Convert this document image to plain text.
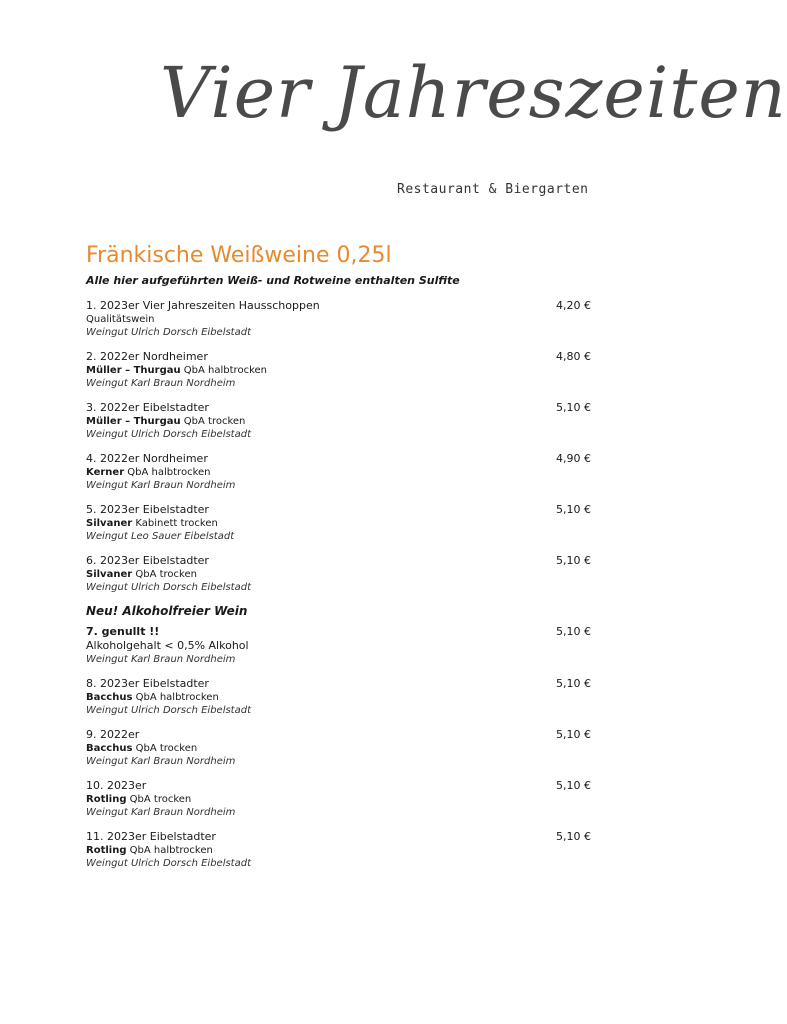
Vier Jahreszeiten
Restaurant & Biergarten
Fränkische Weißweine 0,25l
Alle hier aufgeführten Weiß- und Rotweine enthalten Sulfite
1. 2023er Vier Jahreszeiten Hausschoppen	4,20 €
Qualitätswein
Weingut Ulrich Dorsch Eibelstadt
2. 2022er Nordheimer	4,80 €
Müller – Thurgau QbA halbtrocken
Weingut Karl Braun Nordheim
3. 2022er Eibelstadter	5,10 €
Müller – Thurgau QbA trocken
Weingut Ulrich Dorsch Eibelstadt
4. 2022er Nordheimer	4,90 €
Kerner QbA halbtrocken
Weingut Karl Braun Nordheim
5. 2023er Eibelstadter	5,10 €
Silvaner Kabinett trocken
Weingut Leo Sauer Eibelstadt
6. 2023er Eibelstadter	5,10 €
Silvaner QbA trocken
Weingut Ulrich Dorsch Eibelstadt
Neu! Alkoholfreier Wein
7. genullt !!	5,10 €
Alkoholgehalt < 0,5% Alkohol
Weingut Karl Braun Nordheim
8. 2023er Eibelstadter	5,10 €
Bacchus QbA halbtrocken
Weingut Ulrich Dorsch Eibelstadt
9. 2022er	5,10 €
Bacchus QbA trocken
Weingut Karl Braun Nordheim
10. 2023er	5,10 €
Rotling QbA trocken
Weingut Karl Braun Nordheim
11. 2023er Eibelstadter	5,10 €
Rotling QbA halbtrocken
Weingut Ulrich Dorsch Eibelstadt
